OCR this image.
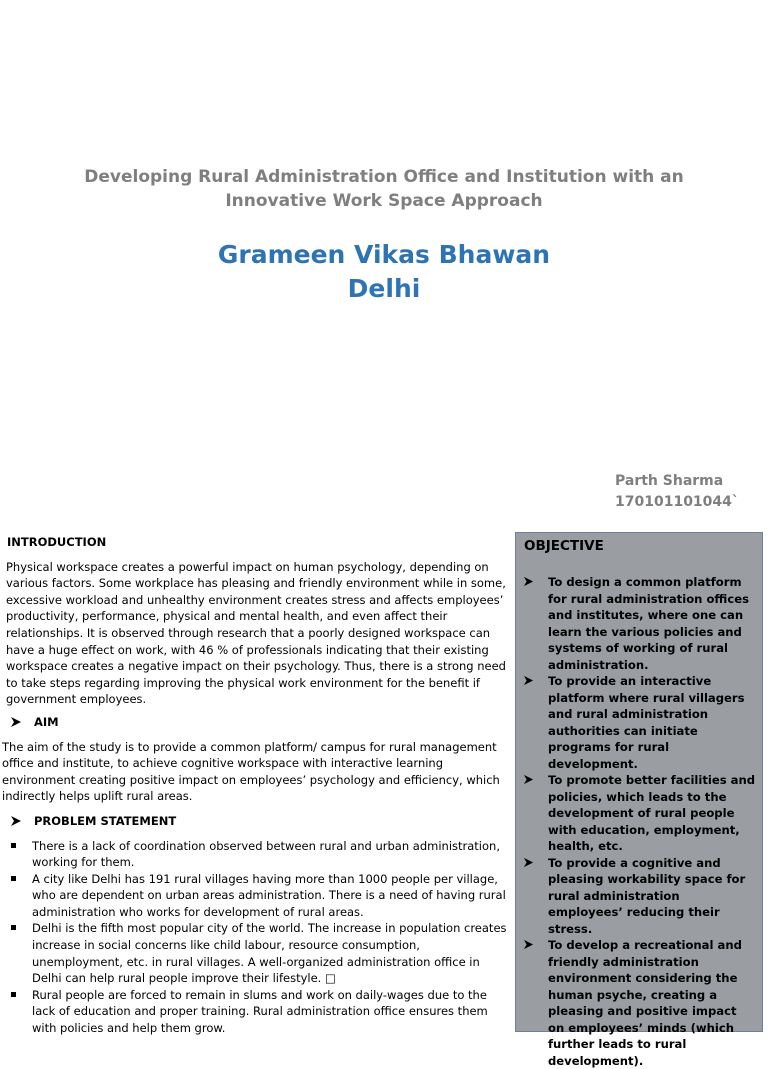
Developing Rural Administration Office and Institution with an
Innovative Work Space Approach
Grameen Vikas Bhawan
Delhi
Parth Sharma
170101101044`
INTRODUCTION
Physical workspace creates a powerful impact on human psychology, depending on various factors. Some workplace has pleasing and friendly environment while in some, excessive workload and unhealthy environment creates stress and affects employees’ productivity, performance, physical and mental health, and even affect their relationships. It is observed through research that a poorly designed workspace can have a huge effect on work, with 46 % of professionals indicating that their existing workspace creates a negative impact on their psychology. Thus, there is a strong need to take steps regarding improving the physical work environment for the benefit if government employees.
AIM
The aim of the study is to provide a common platform/ campus for rural management office and institute, to achieve cognitive workspace with interactive learning environment creating positive impact on employees’ psychology and efficiency, which indirectly helps uplift rural areas.
PROBLEM STATEMENT
There is a lack of coordination observed between rural and urban administration, working for them.
A city like Delhi has 191 rural villages having more than 1000 people per village, who are dependent on urban areas administration. There is a need of having rural administration who works for development of rural areas.
Delhi is the fifth most popular city of the world. The increase in population creates increase in social concerns like child labour, resource consumption, unemployment, etc. in rural villages. A well-organized administration office in Delhi can help rural people improve their lifestyle. □
Rural people are forced to remain in slums and work on daily-wages due to the lack of education and proper training. Rural administration office ensures them with policies and help them grow.
OBJECTIVE
To design a common platform for rural administration offices and institutes, where one can learn the various policies and systems of working of rural administration.
To provide an interactive platform where rural villagers and rural administration authorities can initiate programs for rural development.
To promote better facilities and policies, which leads to the development of rural people with education, employment, health, etc.
To provide a cognitive and pleasing workability space for rural administration employees’ reducing their stress.
To develop a recreational and friendly administration environment considering the human psyche, creating a pleasing and positive impact on employees’ minds (which further leads to rural development).
